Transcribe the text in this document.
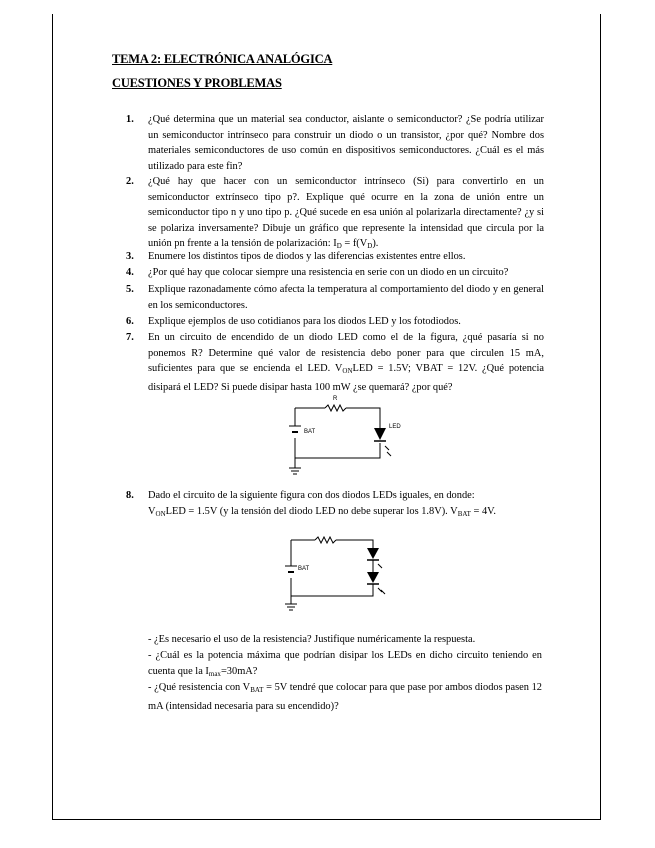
TEMA 2: ELECTRÓNICA ANALÓGICA
CUESTIONES Y PROBLEMAS
1.	¿Qué determina que un material sea conductor, aislante o semiconductor? ¿Se podría utilizar un semiconductor intrínseco para construir un diodo o un transistor, ¿por qué? Nombre dos materiales semiconductores de uso común en dispositivos semiconductores. ¿Cuál es el más utilizado para este fin?
2.	¿Qué hay que hacer con un semiconductor intrínseco (Si) para convertirlo en un semiconductor extrínseco tipo p?. Explique qué ocurre en la zona de unión entre un semiconductor tipo n y uno tipo p. ¿Qué sucede en esa unión al polarizarla directamente? ¿y si se polariza inversamente? Dibuje un gráfico que represente la intensidad que circula por la unión pn frente a la tensión de polarización: $I_D = f(V_D)$.
3.	Enumere los distintos tipos de diodos y las diferencias existentes entre ellos.
4.	¿Por qué hay que colocar siempre una resistencia en serie con un diodo en un circuito?
5.	Explique razonadamente cómo afecta la temperatura al comportamiento del diodo y en general en los semiconductores.
6.	Explique ejemplos de uso cotidianos para los diodos LED y los fotodiodos.
7.	En un circuito de encendido de un diodo LED como el de la figura, ¿qué pasaría si no ponemos R? Determine qué valor de resistencia debo poner para que circulen 15 mA, suficientes para que se encienda el LED. $V_{ON}LED = 1.5V$; VBAT = 12V. ¿Qué potencia disipará el LED? Si puede disipar hasta 100 mW ¿se quemará? ¿por qué?
R
BAT
LED
8.	Dado el circuito de la siguiente figura con dos diodos LEDs iguales, en donde:
$V_{ON}LED = 1.5V$ (y la tensión del diodo LED no debe superar los 1.8V). $V_{BAT} = 4V$.
BAT
- ¿Es necesario el uso de la resistencia? Justifique numéricamente la respuesta.
- ¿Cuál es la potencia máxima que podrían disipar los LEDs en dicho circuito teniendo en cuenta que la $I_{max}=30mA$?
- ¿Qué resistencia con $V_{BAT} = 5V$ tendré que colocar para que pase por ambos diodos pasen 12 mA (intensidad necesaria para su encendido)?
